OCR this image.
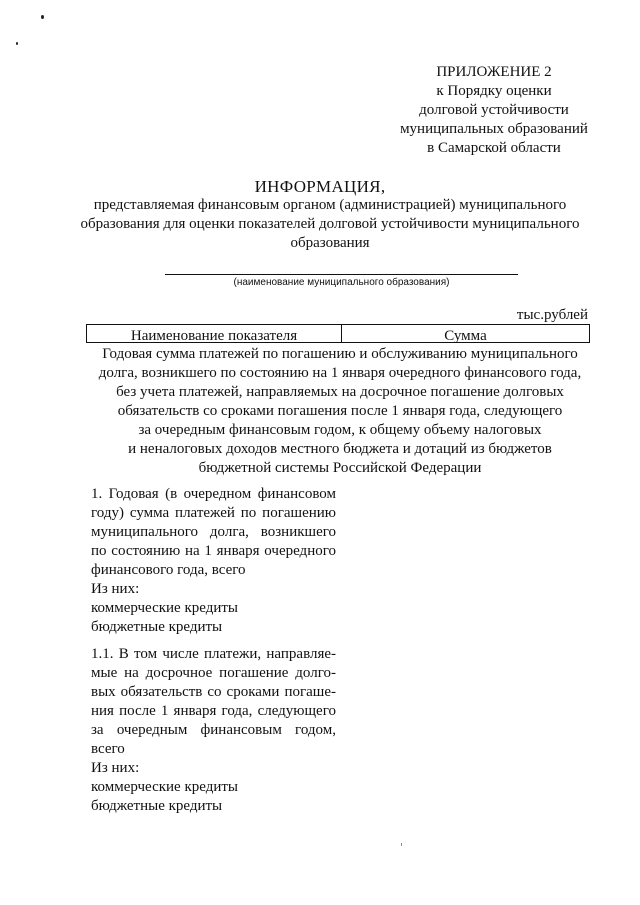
ПРИЛОЖЕНИЕ 2
к Порядку оценки
долговой устойчивости
муниципальных образований
в Самарской области
ИНФОРМАЦИЯ,
представляемая финансовым органом (администрацией) муниципального
образования для оценки показателей долговой устойчивости муниципального
образования
(наименование муниципального образования)
тыс.рублей
Наименование показателя	Сумма
Годовая сумма платежей по погашению и обслуживанию муниципального
долга, возникшего по состоянию на 1 января очередного финансового года,
без учета платежей, направляемых на досрочное погашение долговых
обязательств со сроками погашения после 1 января года, следующего
за очередным финансовым годом, к общему объему налоговых
и неналоговых доходов местного бюджета и дотаций из бюджетов
бюджетной системы Российской Федерации
1. Годовая (в очередном финансовом
году) сумма платежей по погашению
муниципального долга, возникшего
по состоянию на 1 января очередного
финансового года, всего
Из них:
коммерческие кредиты
бюджетные кредиты
1.1. В том числе платежи, направляе-
мые на досрочное погашение долго-
вых обязательств со сроками погаше-
ния после 1 января года, следующего
за очередным финансовым годом,
всего
Из них:
коммерческие кредиты
бюджетные кредиты
